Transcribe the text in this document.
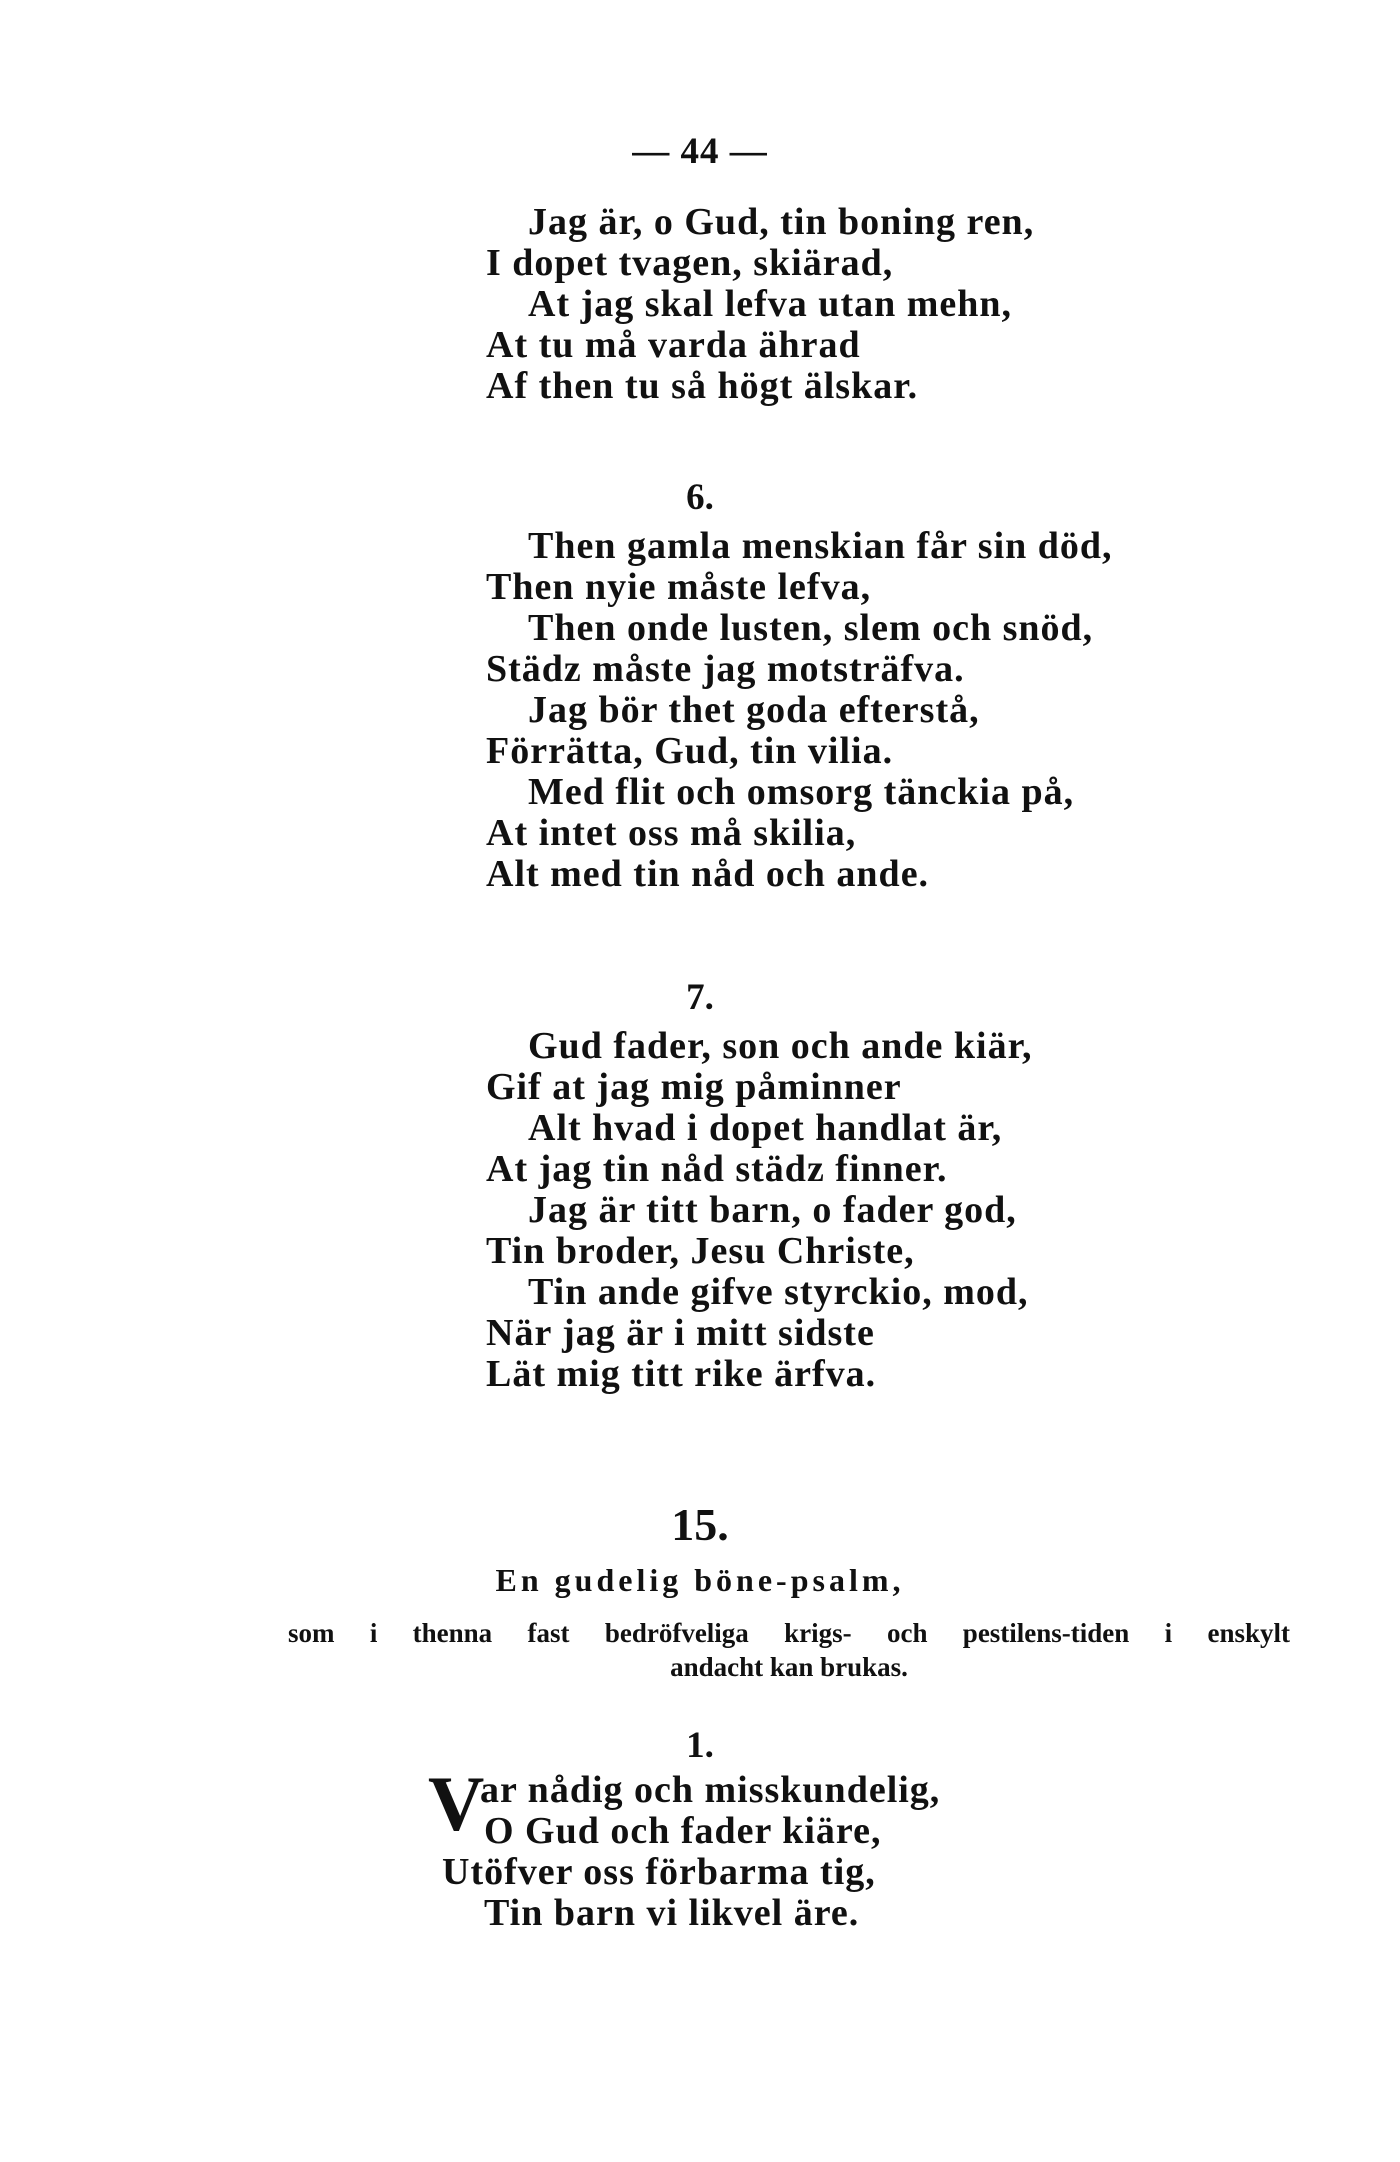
— 44 —
Jag är, o Gud, tin boning ren,
I dopet tvagen, skiärad,
At jag skal lefva utan mehn,
At tu må varda ährad
Af then tu så högt älskar.
6.
Then gamla menskian får sin död,
Then nyie måste lefva,
Then onde lusten, slem och snöd,
Städz måste jag motsträfva.
Jag bör thet goda efterstå,
Förrätta, Gud, tin vilia.
Med flit och omsorg tänckia på,
At intet oss må skilia,
Alt med tin nåd och ande.
7.
Gud fader, son och ande kiär,
Gif at jag mig påminner
Alt hvad i dopet handlat är,
At jag tin nåd städz finner.
Jag är titt barn, o fader god,
Tin broder, Jesu Christe,
Tin ande gifve styrckio, mod,
När jag är i mitt sidste
Lät mig titt rike ärfva.
15.
En gudelig böne-psalm,
som i thenna fast bedröfveliga krigs- och pestilens-tiden i enskylt
andacht kan brukas.
1.
V
ar nådig och misskundelig,
O Gud och fader kiäre,
Utöfver oss förbarma tig,
Tin barn vi likvel äre.
